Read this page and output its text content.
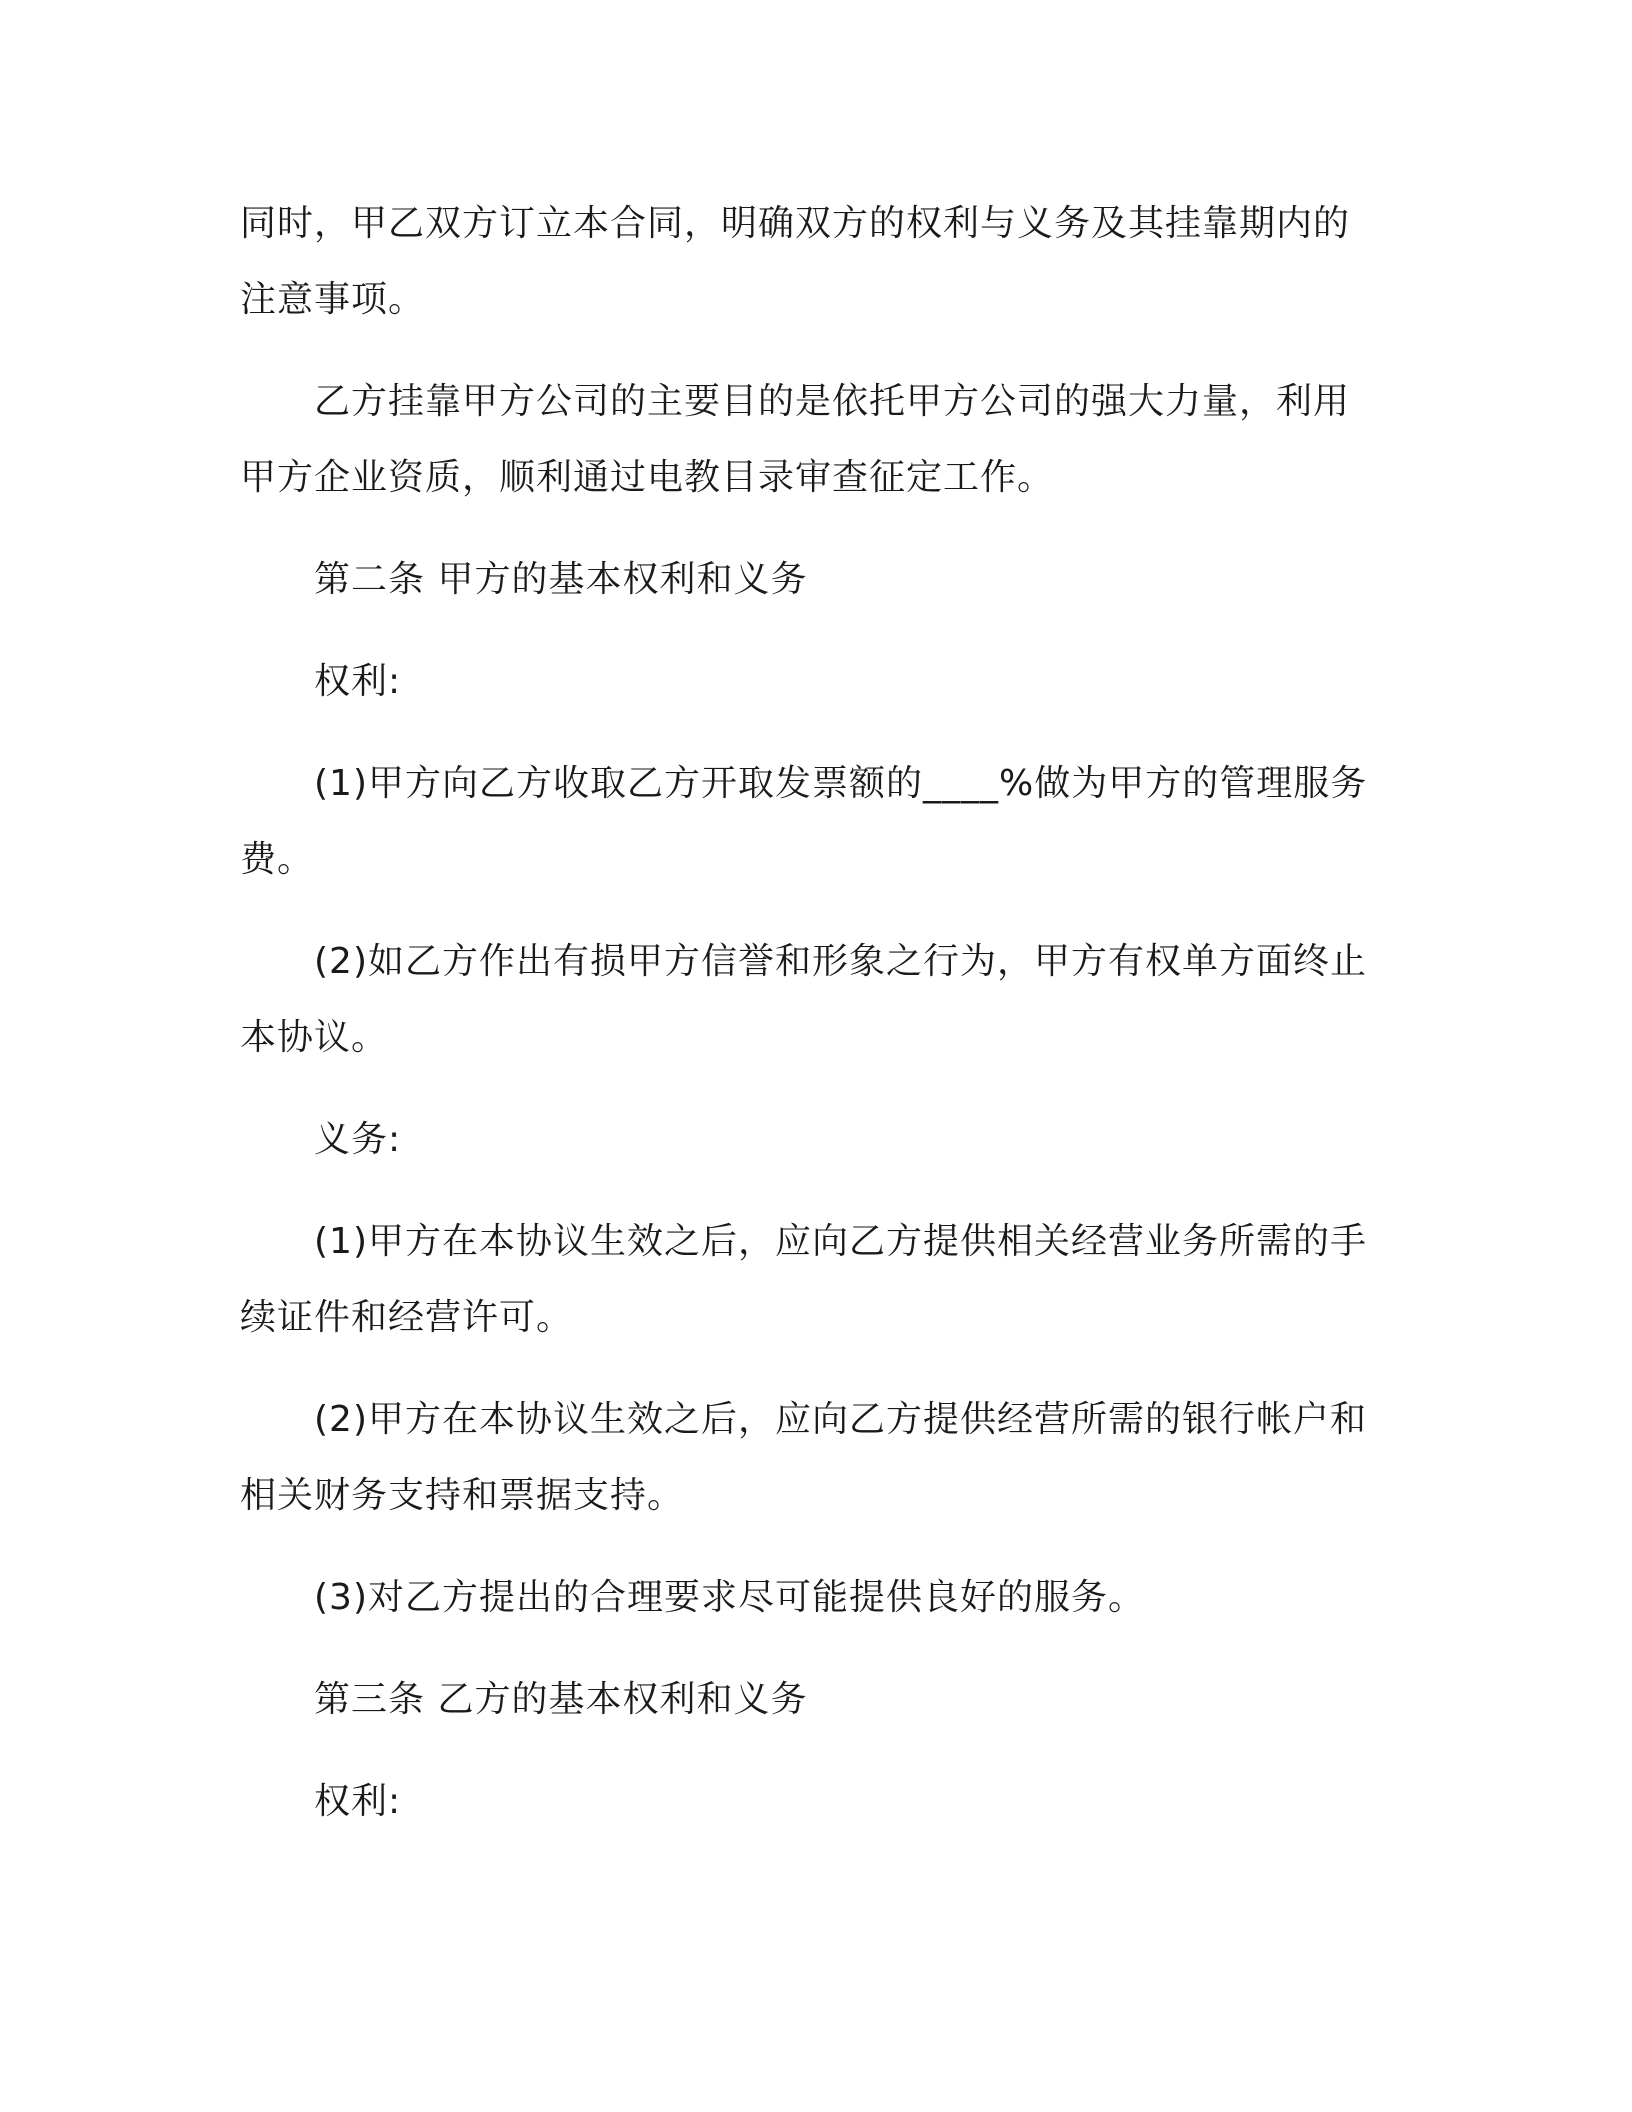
同时，甲乙双方订立本合同，明确双方的权利与义务及其挂靠期内的注意事项。

乙方挂靠甲方公司的主要目的是依托甲方公司的强大力量，利用甲方企业资质，顺利通过电教目录审查征定工作。

第二条 甲方的基本权利和义务

权利:

(1)甲方向乙方收取乙方开取发票额的____%做为甲方的管理服务费。

(2)如乙方作出有损甲方信誉和形象之行为，甲方有权单方面终止本协议。

义务:

(1)甲方在本协议生效之后，应向乙方提供相关经营业务所需的手续证件和经营许可。

(2)甲方在本协议生效之后，应向乙方提供经营所需的银行帐户和相关财务支持和票据支持。

(3)对乙方提出的合理要求尽可能提供良好的服务。

第三条 乙方的基本权利和义务

权利:
